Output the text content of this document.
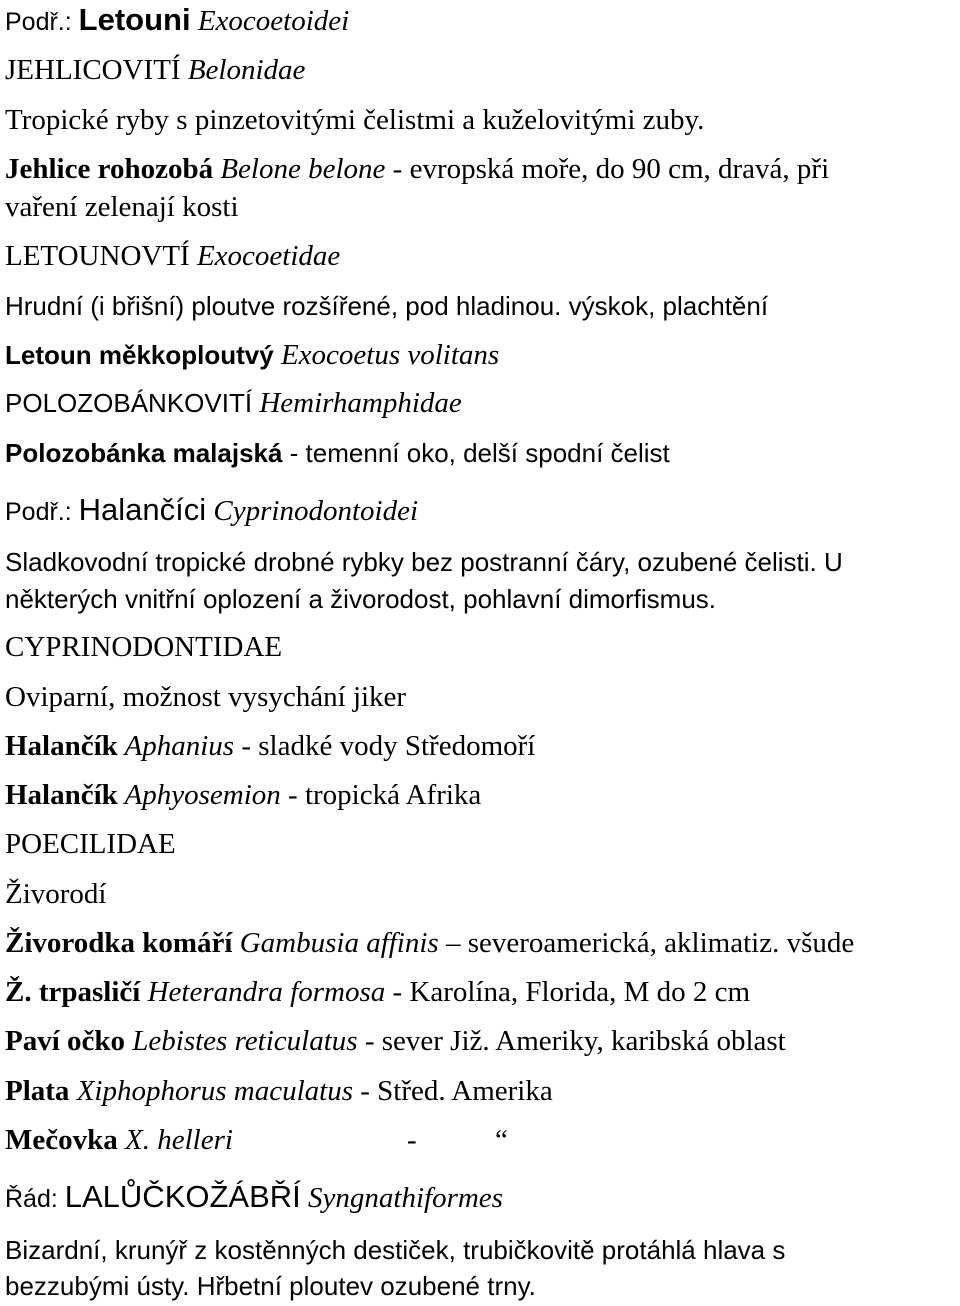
Podř.: Letouni Exocoetoidei
JEHLICOVITÍ Belonidae
Tropické ryby s pinzetovitými čelistmi a kuželovitými zuby.
Jehlice rohozobá Belone belone - evropská moře, do 90 cm, dravá, při
vaření zelenají kosti
LETOUNOVTÍ Exocoetidae
Hrudní (i břišní) ploutve rozšířené, pod hladinou. výskok, plachtění
Letoun měkkoploutvý Exocoetus volitans
POLOZOBÁNKOVITÍ Hemirhamphidae
Polozobánka malajská - temenní oko, delší spodní čelist
Podř.: Halančíci Cyprinodontoidei
Sladkovodní tropické drobné rybky bez postranní čáry, ozubené čelisti. U
některých vnitřní oplození a živorodost, pohlavní dimorfismus.
CYPRINODONTIDAE
Oviparní, možnost vysychání jiker
Halančík Aphanius - sladké vody Středomoří
Halančík Aphyosemion - tropická Afrika
POECILIDAE
Živorodí
Živorodka komáří Gambusia affinis – severoamerická, aklimatiz. všude
Ž. trpasličí Heterandra formosa - Karolína, Florida, M do 2 cm
Paví očko Lebistes reticulatus - sever Již. Ameriky, karibská oblast
Plata Xiphophorus maculatus - Střed. Amerika
Mečovka X. helleri	-	“
Řád: LALŮČKOŽÁBŘÍ Syngnathiformes
Bizardní, krunýř z kostěnných destiček, trubičkovitě protáhlá hlava s
bezzubými ústy. Hřbetní ploutev ozubené trny.
